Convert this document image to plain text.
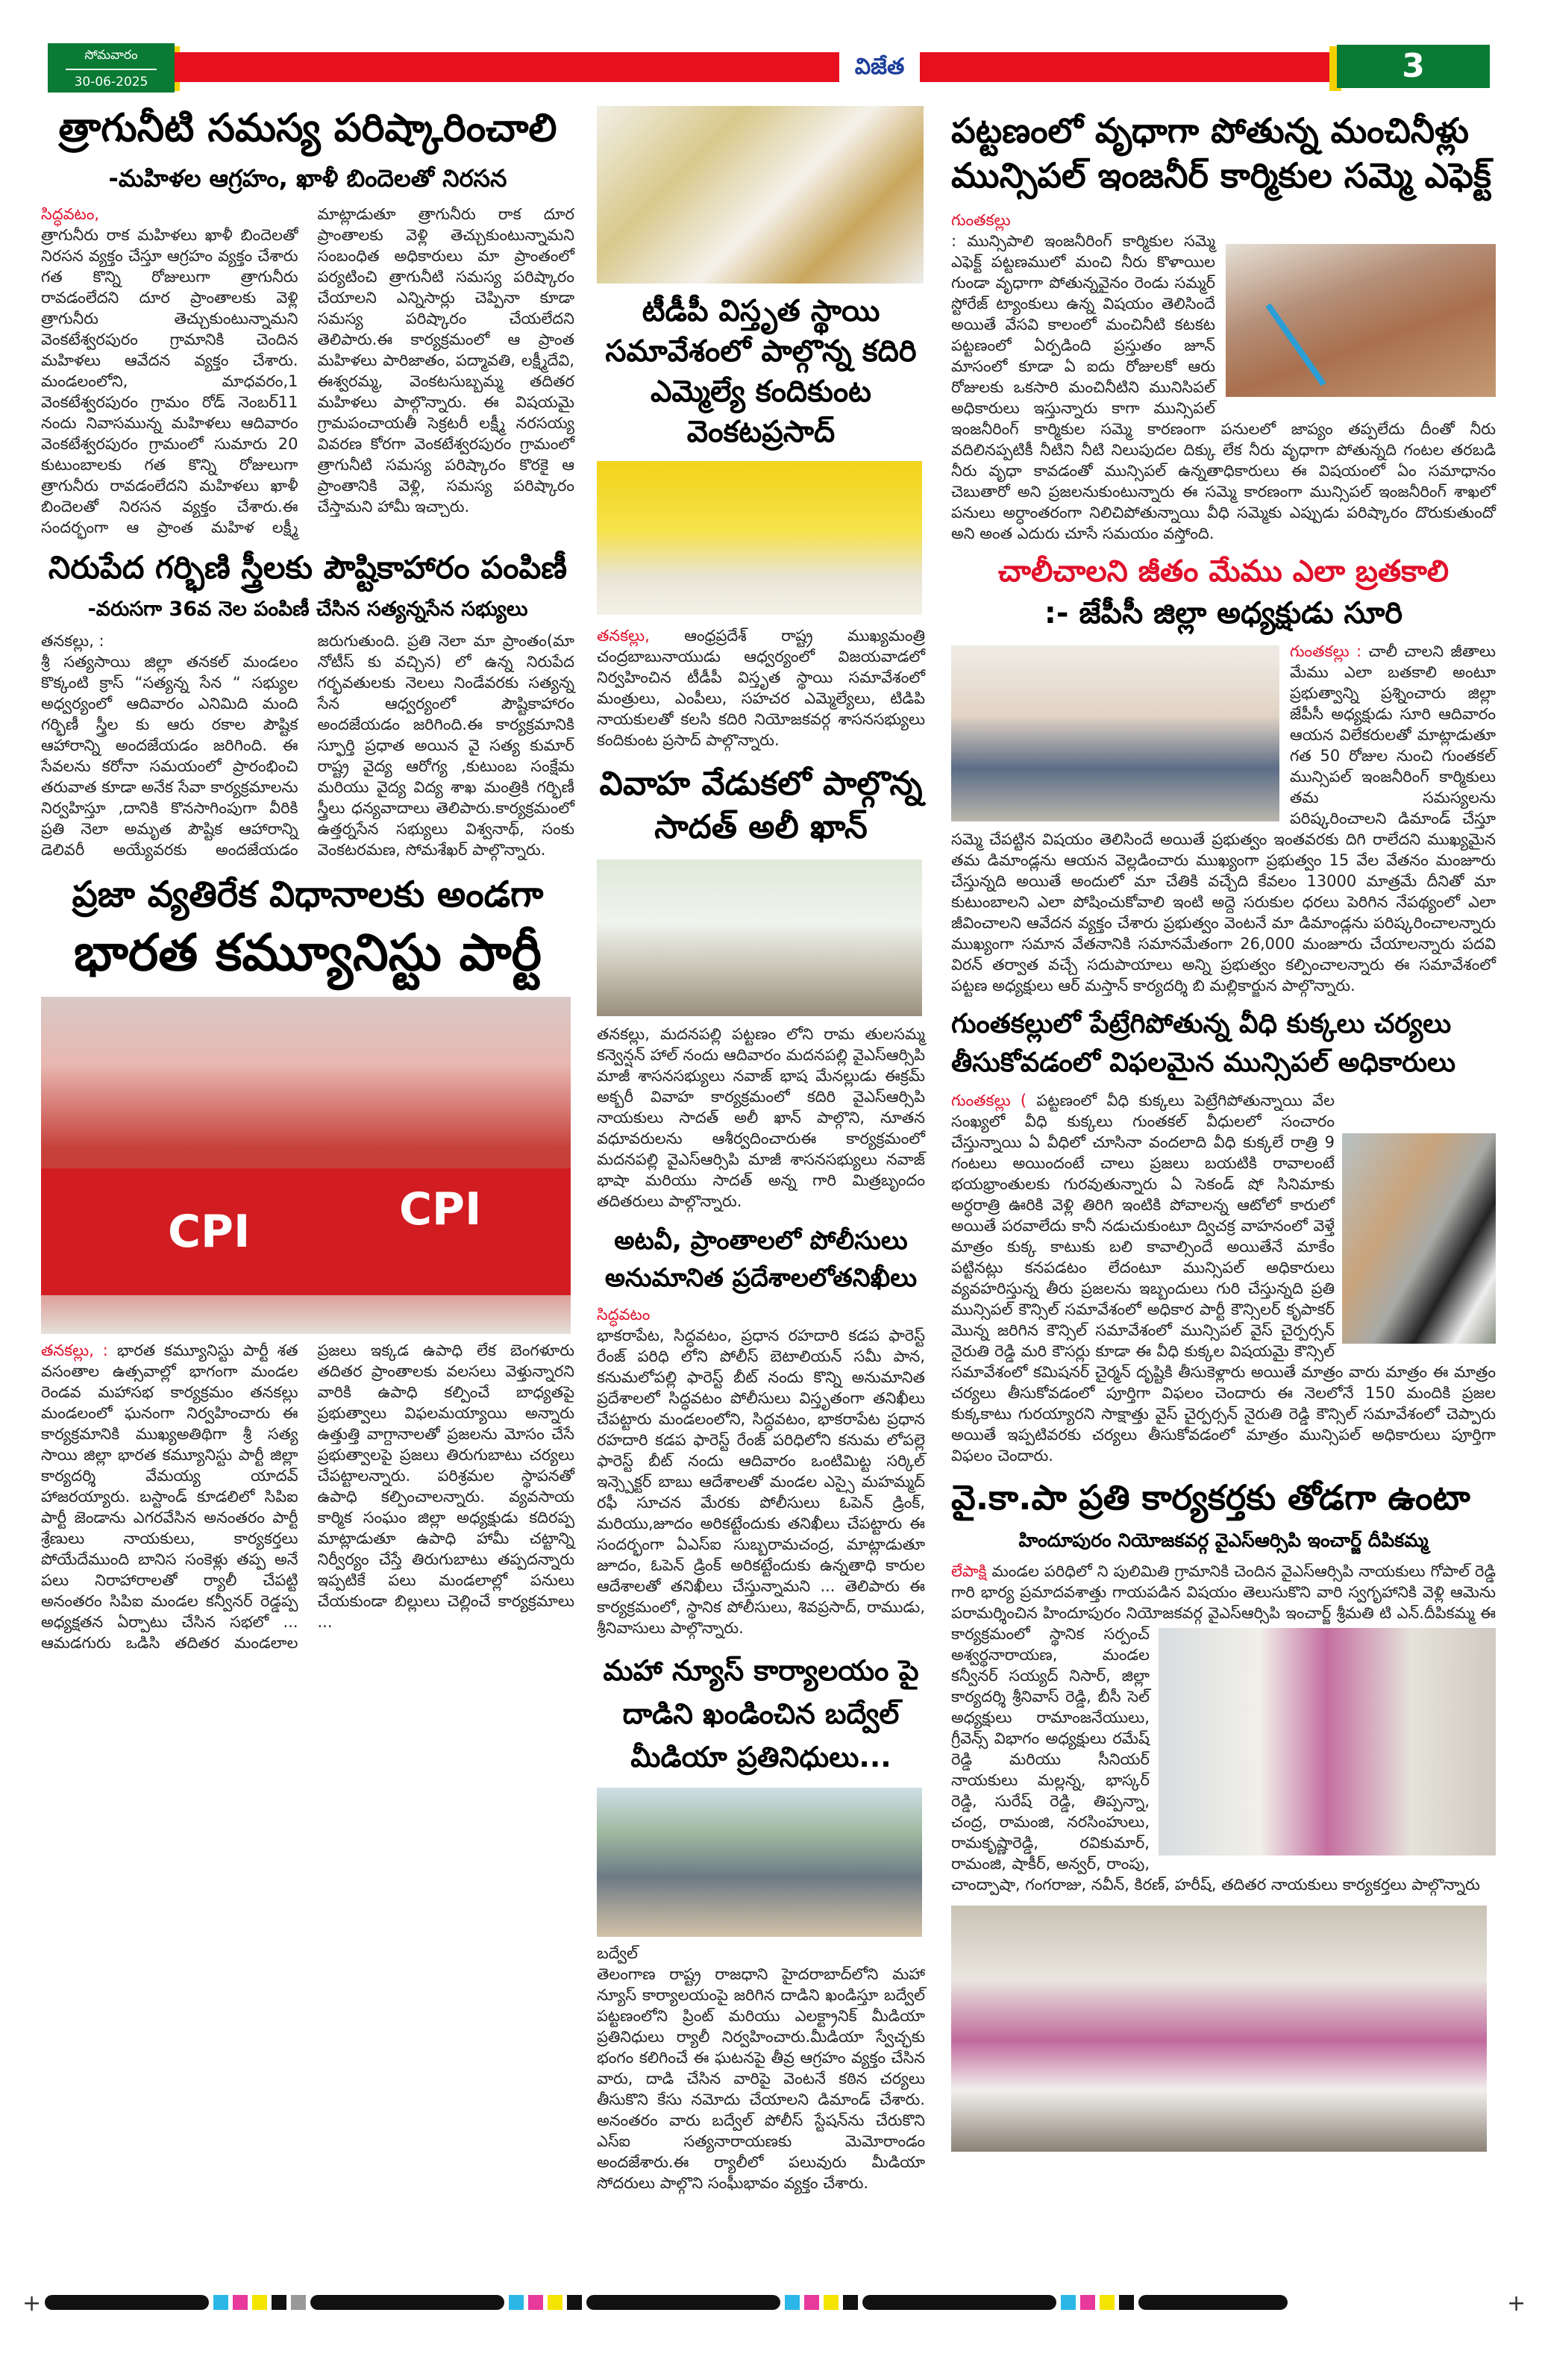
సోమవారం
30-06-2025
విజేత	3
త్రాగునీటి సమస్య పరిష్కారించాలి
-మహిళల ఆగ్రహం, ఖాళీ బిందెలతో నిరసన
సిద్ధవటం,
త్రాగునీరు రాక మహిళలు ఖాళీ బిందెలతో నిరసన వ్యక్తం చేస్తూ ఆగ్రహం వ్యక్తం చేశారు గత కొన్ని రోజులుగా త్రాగునీరు రావడంలేదని దూర ప్రాంతాలకు వెళ్లి త్రాగునీరు తెచ్చుకుంటున్నామని వెంకటేశ్వరపురం గ్రామానికి చెందిన మహిళలు ఆవేదన వ్యక్తం చేశారు. మండలంలోని, మాధవరం,1 వెంకటేశ్వరపురం గ్రామం రోడ్ నెంబర్11 నందు నివాసమున్న మహిళలు ఆదివారం వెంకటేశ్వరపురం గ్రామంలో సుమారు 20 కుటుంబాలకు గత కొన్ని రోజులుగా త్రాగునీరు రావడంలేదని మహిళలు ఖాళీ బిందెలతో నిరసన వ్యక్తం చేశారు.ఈ సందర్భంగా ఆ ప్రాంత మహిళ లక్ష్మీ మాట్లాడుతూ త్రాగునీరు రాక దూర ప్రాంతాలకు వెళ్లి తెచ్చుకుంటున్నామని సంబంధిత అధికారులు మా ప్రాంతంలో పర్యటించి త్రాగునీటి సమస్య పరిష్కారం చేయాలని ఎన్నిసార్లు చెప్పినా కూడా సమస్య పరిష్కారం చేయలేదని తెలిపారు.ఈ కార్యక్రమంలో ఆ ప్రాంత మహిళలు పారిజాతం, పద్మావతి, లక్ష్మీదేవి, ఈశ్వరమ్మ, వెంకటసుబ్బమ్మ తదితర మహిళలు పాల్గొన్నారు. ఈ విషయమై గ్రామపంచాయతీ సెక్రటరీ లక్ష్మీ నరసయ్య వివరణ కోరగా వెంకటేశ్వరపురం గ్రామంలో త్రాగునీటి సమస్య పరిష్కారం కొరకై ఆ ప్రాంతానికి వెళ్లి, సమస్య పరిష్కారం చేస్తామని హామీ ఇచ్చారు.
నిరుపేద గర్భిణి స్త్రీలకు పౌష్టికాహారం పంపిణీ
-వరుసగా 36వ నెల పంపిణీ చేసిన సత్యన్నసేన సభ్యులు
తనకల్లు, :
శ్రీ సత్యసాయి జిల్లా తనకల్ మండలం కొక్కంటి క్రాస్ “సత్యన్న సేన “ సభ్యుల అధ్వర్యంలో ఆదివారం ఎనిమిది మంది గర్భిణీ స్త్రీల కు ఆరు రకాల పౌష్టిక ఆహారాన్ని అందజేయడం జరిగింది. ఈ సేవలను కరోనా సమయంలో ప్రారంభించి తరువాత కూడా అనేక సేవా కార్యక్రమాలను నిర్వహిస్తూ ,దానికి కొనసాగింపుగా వీరికి ప్రతి నెలా అమృత పౌష్టిక ఆహారాన్ని డెలివరీ అయ్యేవరకు అందజేయడం జరుగుతుంది. ప్రతి నెలా మా ప్రాంతం(మా నోటీస్ కు వచ్చిన) లో ఉన్న నిరుపేద గర్భవతులకు నెలలు నిండేవరకు సత్యన్న సేన ఆధ్వర్యంలో పౌష్టికాహారం అందజేయడం జరిగింది.ఈ కార్యక్రమానికి స్ఫూర్తి ప్రధాత అయిన వై సత్య కుమార్ రాష్ట్ర వైద్య ఆరోగ్య ,కుటుంబ సంక్షేమ మరియు వైద్య విద్య శాఖ మంత్రికి గర్భిణీ స్త్రీలు ధన్యవాదాలు తెలిపారు.కార్యక్రమంలో ఉత్తర్నసేన సభ్యులు విశ్వనాథ్, సంకు వెంకటరమణ, సోమశేఖర్ పాల్గొన్నారు.
ప్రజా వ్యతిరేక విధానాలకు అండగా
భారత కమ్యూనిస్టు పార్టీ
CPI	CPI
తనకల్లు, : భారత కమ్యూనిస్టు పార్టీ శత వసంతాల ఉత్సవాల్లో భాగంగా మండల రెండవ మహాసభ కార్యక్రమం తనకల్లు మండలంలో ఘనంగా నిర్వహించారు ఈ కార్యక్రమానికి ముఖ్యఅతిథిగా శ్రీ సత్య సాయి జిల్లా భారత కమ్యూనిస్టు పార్టీ జిల్లా కార్యదర్శి వేమయ్య యాదవ్ హాజరయ్యారు. బస్టాండ్ కూడలిలో సిపిఐ పార్టీ జెండాను ఎగరవేసిన అనంతరం పార్టీ శ్రేణులు నాయకులు, కార్యకర్తలు పోయేదేముంది బానిస సంకెళ్లు తప్ప అనే పలు నిరాహారాలతో ర్యాలీ చేపట్టి అనంతరం సిపిఐ మండల కన్వీనర్ రెడ్డప్ప అధ్యక్షతన ఏర్పాటు చేసిన సభలో ... ఆమడగురు ఒడిసి తదితర మండలాల ప్రజలు ఇక్కడ ఉపాధి లేక బెంగళూరు తదితర ప్రాంతాలకు వలసలు వెళ్తున్నారని వారికి ఉపాధి కల్పించే బాధ్యతపై ప్రభుత్వాలు విఫలమయ్యాయి అన్నారు ఉత్తుత్తి వాగ్దానాలతో ప్రజలను మోసం చేసే ప్రభుత్వాలపై ప్రజలు తిరుగుబాటు చర్యలు చేపట్టాలన్నారు. పరిశ్రమల స్థాపనతో ఉపాధి కల్పించాలన్నారు. వ్యవసాయ కార్మిక సంఘం జిల్లా అధ్యక్షుడు కదిరప్ప మాట్లాడుతూ ఉపాధి హామీ చట్టాన్ని నిర్వీర్యం చేస్తే తిరుగుబాటు తప్పదన్నారు ఇప్పటికే పలు మండలాల్లో పనులు చేయకుండా బిల్లులు చెల్లించే కార్యక్రమాలు ...
టీడీపీ విస్తృత స్థాయి సమావేశంలో పాల్గొన్న కదిరి ఎమ్మెల్యే కందికుంట వెంకటప్రసాద్
తనకల్లు, ఆంధ్రప్రదేశ్ రాష్ట్ర ముఖ్యమంత్రి చంద్రబాబునాయుడు ఆధ్వర్యంలో విజయవాడలో నిర్వహించిన టీడీపీ విస్తృత స్థాయి సమావేశంలో మంత్రులు, ఎంపీలు, సహచర ఎమ్మెల్యేలు, టిడిపి నాయకులతో కలసి కదిరి నియోజకవర్గ శాసనసభ్యులు కందికుంట ప్రసాద్ పాల్గొన్నారు.
వివాహ వేడుకలో పాల్గొన్న సాదత్ అలీ ఖాన్
తనకల్లు, మదనపల్లి పట్టణం లోని రామ తులసమ్మ కన్వెన్షన్ హాల్ నందు ఆదివారం మదనపల్లి వైఎస్ఆర్సిపి మాజీ శాసనసభ్యులు నవాజ్ భాష మేనల్లుడు ఈక్రమ్ అక్బరీ వివాహ కార్యక్రమంలో కదిరి వైఎస్ఆర్సిపి నాయకులు సాదత్ అలీ ఖాన్ పాల్గొని, నూతన వధూవరులను ఆశీర్వదించారుఈ కార్యక్రమంలో మదనపల్లి వైఎస్ఆర్సిపి మాజీ శాసనసభ్యులు నవాజ్ భాషా మరియు సాదత్ అన్న గారి మిత్రబృందం తదితరులు పాల్గొన్నారు.
అటవీ, ప్రాంతాలలో పోలీసులు అనుమానిత ప్రదేశాలలోతనిఖీలు
సిద్ధవటం
భాకరాపేట, సిద్ధవటం, ప్రధాన రహదారి కడప ఫారెస్ట్ రేంజ్ పరిధి లోని పోలీస్ బెటాలియన్ సమీ పాన, కనుమలోపల్లి ఫారెస్ట్ బీట్ నందు కొన్ని అనుమానిత ప్రదేశాలలో సిద్ధవటం పోలీసులు విస్తృతంగా తనిఖీలు చేపట్టారు మండలంలోని, సిద్ధవటం, భాకరాపేట ప్రధాన రహదారి కడప ఫారెస్ట్ రేంజ్ పరిధిలోని కనుమ లోపల్లె ఫారెస్ట్ బీట్ నందు ఆదివారం ఒంటిమిట్ట సర్కిల్ ఇన్స్పెక్టర్ బాబు ఆదేశాలతో మండల ఎస్సై మహమ్మద్ రఫీ సూచన మేరకు పోలీసులు ఓపెన్ డ్రింక్, మరియు,జూదం అరికట్టేందుకు తనిఖీలు చేపట్టారు ఈ సందర్భంగా ఏఎస్ఐ సుబ్బరామచంద్ర, మాట్లాడుతూ జూదం, ఓపెన్ డ్రింక్ అరికట్టేందుకు ఉన్నతాధి కారుల ఆదేశాలతో తనిఖీలు చేస్తున్నామని ... తెలిపారు ఈ కార్యక్రమంలో, స్థానిక పోలీసులు, శివప్రసాద్, రాముడు, శ్రీనివాసులు పాల్గొన్నారు.
మహా న్యూస్ కార్యాలయం పై దాడిని ఖండించిన బద్వేల్ మీడియా ప్రతినిధులు...
బద్వేల్
తెలంగాణ రాష్ట్ర రాజధాని హైదరాబాద్‌లోని మహా న్యూస్ కార్యాలయంపై జరిగిన దాడిని ఖండిస్తూ బద్వేల్ పట్టణంలోని ప్రింట్ మరియు ఎలక్ట్రానిక్ మీడియా ప్రతినిధులు ర్యాలీ నిర్వహించారు.మీడియా స్వేచ్ఛకు భంగం కలిగించే ఈ ఘటనపై తీవ్ర ఆగ్రహం వ్యక్తం చేసిన వారు, దాడి చేసిన వారిపై వెంటనే కఠిన చర్యలు తీసుకొని కేసు నమోదు చేయాలని డిమాండ్ చేశారు. అనంతరం వారు బద్వేల్ పోలీస్ స్టేషన్‌ను చేరుకొని ఎస్ఐ సత్యనారాయణకు మెమోరాండం అందజేశారు.ఈ ర్యాలీలో పలువురు మీడియా సోదరులు పాల్గొని సంఘీభావం వ్యక్తం చేశారు.
పట్టణంలో వృధాగా పోతున్న మంచినీళ్లు మున్సిపల్ ఇంజనీర్ కార్మికుల సమ్మె ఎఫెక్ట్
గుంతకల్లు
: మున్సిపాలి ఇంజనీరింగ్ కార్మికుల సమ్మె ఎఫెక్ట్ పట్టణములో మంచి నీరు కొళాయిల గుండా వృధాగా పోతున్నవైనం రెండు సమ్మర్ స్టోరేజ్ ట్యాంకులు ఉన్న విషయం తెలిసిందే అయితే వేసవి కాలంలో మంచినీటి కటకట పట్టణంలో ఏర్పడింది ప్రస్తుతం జూన్ మాసంలో కూడా ఏ ఐదు రోజులకో ఆరు రోజులకు ఒకసారి మంచినీటిని మునిసిపల్ అధికారులు ఇస్తున్నారు కాగా మున్సిపల్ ఇంజనీరింగ్ కార్మికుల సమ్మె కారణంగా పనులలో జాప్యం తప్పలేదు దీంతో నీరు వదిలినప్పటికీ నీటిని నీటి నిలుపుదల దిక్కు లేక నీరు వృధాగా పోతున్నది గంటల తరబడి నీరు వృధా కావడంతో మున్సిపల్ ఉన్నతాధికారులు ఈ విషయంలో ఏం సమాధానం చెబుతారో అని ప్రజలనుకుంటున్నారు ఈ సమ్మె కారణంగా మున్సిపల్ ఇంజనీరింగ్ శాఖలో పనులు అర్ధాంతరంగా నిలిచిపోతున్నాయి వీధి సమ్మెకు ఎప్పుడు పరిష్కారం దొరుకుతుందో అని అంత ఎదురు చూసే సమయం వస్తోంది.
చాలీచాలని జీతం మేము ఎలా బ్రతకాలి
:- జేపీసీ జిల్లా అధ్యక్షుడు సూరి
గుంతకల్లు : చాలీ చాలని జీతాలు మేము ఎలా బతకాలి అంటూ ప్రభుత్వాన్ని ప్రశ్నించారు జిల్లా జేపీసీ అధ్యక్షుడు సూరి ఆదివారం ఆయన విలేకరులతో మాట్లాడుతూ గత 50 రోజుల నుంచి గుంతకల్ మున్సిపల్ ఇంజనీరింగ్ కార్మికులు తమ సమస్యలను పరిష్కరించాలని డిమాండ్ చేస్తూ సమ్మె చేపట్టిన విషయం తెలిసిందే అయితే ప్రభుత్వం ఇంతవరకు దిగి రాలేదని ముఖ్యమైన తమ డిమాండ్లను ఆయన వెల్లడించారు ముఖ్యంగా ప్రభుత్వం 15 వేల వేతనం మంజూరు చేస్తున్నది అయితే అందులో మా చేతికి వచ్చేది కేవలం 13000 మాత్రమే దీనితో మా కుటుంబాలని ఎలా పోషించుకోవాలి ఇంటి అద్దె సరుకుల ధరలు పెరిగిన నేపథ్యంలో ఎలా జీవించాలని ఆవేదన వ్యక్తం చేశారు ప్రభుత్వం వెంటనే మా డిమాండ్లను పరిష్కరించాలన్నారు ముఖ్యంగా సమాన వేతనానికి సమానమేతంగా 26,000 మంజూరు చేయాలన్నారు పదవి విరన్ తర్వాత వచ్చే సదుపాయాలు అన్ని ప్రభుత్వం కల్పించాలన్నారు ఈ సమావేశంలో పట్టణ అధ్యక్షులు ఆర్ మస్తాన్ కార్యదర్శి బి మల్లికార్జున పాల్గొన్నారు.
గుంతకల్లులో పేట్రేగిపోతున్న వీధి కుక్కలు చర్యలు తీసుకోవడంలో విఫలమైన మున్సిపల్ అధికారులు
గుంతకల్లు ( పట్టణంలో వీధి కుక్కలు పెట్రేగిపోతున్నాయి వేల సంఖ్యలో వీధి కుక్కలు గుంతకల్ వీధులలో సంచారం చేస్తున్నాయి ఏ వీధిలో చూసినా వందలాది వీధి కుక్కలే రాత్రి 9 గంటలు అయిందంటే చాలు ప్రజలు బయటికి రావాలంటే భయభ్రాంతులకు గురవుతున్నారు ఏ సెకండ్ షో సినిమాకు అర్ధరాత్రి ఊరికి వెళ్లి తిరిగి ఇంటికి పోవాలన్న ఆటోలో కారులో అయితే పరవాలేదు కానీ నడుచుకుంటూ ద్విచక్ర వాహనంలో వెళ్తే మాత్రం కుక్క కాటుకు బలి కావాల్సిందే అయితేనే మాకేం పట్టినట్లు కనపడటం లేదంటూ మున్సిపల్ అధికారులు వ్యవహరిస్తున్న తీరు ప్రజలను ఇబ్బందులు గురి చేస్తున్నది ప్రతి మున్సిపల్ కౌన్సిల్ సమావేశంలో అధికార పార్టీ కౌన్సిలర్ కృపాకర్ మొన్న జరిగిన కౌన్సిల్ సమావేశంలో మున్సిపల్ వైస్ చైర్పర్సన్ నైరుతి రెడ్డి మరి కౌసర్లు కూడా ఈ వీధి కుక్కల విషయమై కౌన్సిల్ సమావేశంలో కమిషనర్ చైర్మన్ దృష్టికి తీసుకెళ్లారు అయితే మాత్రం వారు మాత్రం ఈ మాత్రం చర్యలు తీసుకోవడంలో పూర్తిగా విఫలం చెందారు ఈ నెలలోనే 150 మందికి ప్రజల కుక్కకాటు గురయ్యారని సాక్షాత్తు వైస్ చైర్పర్సన్ నైరుతి రెడ్డి కౌన్సిల్ సమావేశంలో చెప్పారు అయితే ఇప్పటివరకు చర్యలు తీసుకోవడంలో మాత్రం మున్సిపల్ అధికారులు పూర్తిగా విఫలం చెందారు.
వై.కా.పా ప్రతి కార్యకర్తకు తోడగా ఉంటా
హిందూపురం నియోజకవర్గ వైఎస్ఆర్సిపి ఇంచార్జ్ దీపికమ్మ
లేపాక్షి మండల పరిధిలో ని పులిమితి గ్రామానికి చెందిన వైఎస్ఆర్సిపి నాయకులు గోపాల్ రెడ్డి గారి భార్య ప్రమాదవశాత్తు గాయపడిన విషయం తెలుసుకొని వారి స్వగృహానికి వెళ్లి ఆమెను పరామర్శించిన హిందూపురం నియోజకవర్గ వైఎస్ఆర్సిపి ఇంచార్జ్ శ్రీమతి టి ఎన్.దీపికమ్మ ఈ కార్యక్రమంలో స్థానిక సర్పంచ్ అశ్వర్థనారాయణ, మండల కన్వీనర్ సయ్యద్ నిసార్, జిల్లా కార్యదర్శి శ్రీనివాస్ రెడ్డి, బీసీ సెల్ అధ్యక్షులు రామాంజనేయులు, గ్రీవెన్స్ విభాగం అధ్యక్షులు రమేష్ రెడ్డి మరియు సీనియర్ నాయకులు మల్లన్న, భాస్కర్ రెడ్డి, సురేష్ రెడ్డి, తిప్పన్నా, చంద్ర, రామంజి, నరసింహులు, రామకృష్ణారెడ్డి, రవికుమార్, రామంజి, షాకీర్, అన్వర్, రాంపు, చాంద్పాషా, గంగరాజు, నవీన్, కిరణ్, హరీష్, తదితర నాయకులు కార్యకర్తలు పాల్గొన్నారు
+	+
